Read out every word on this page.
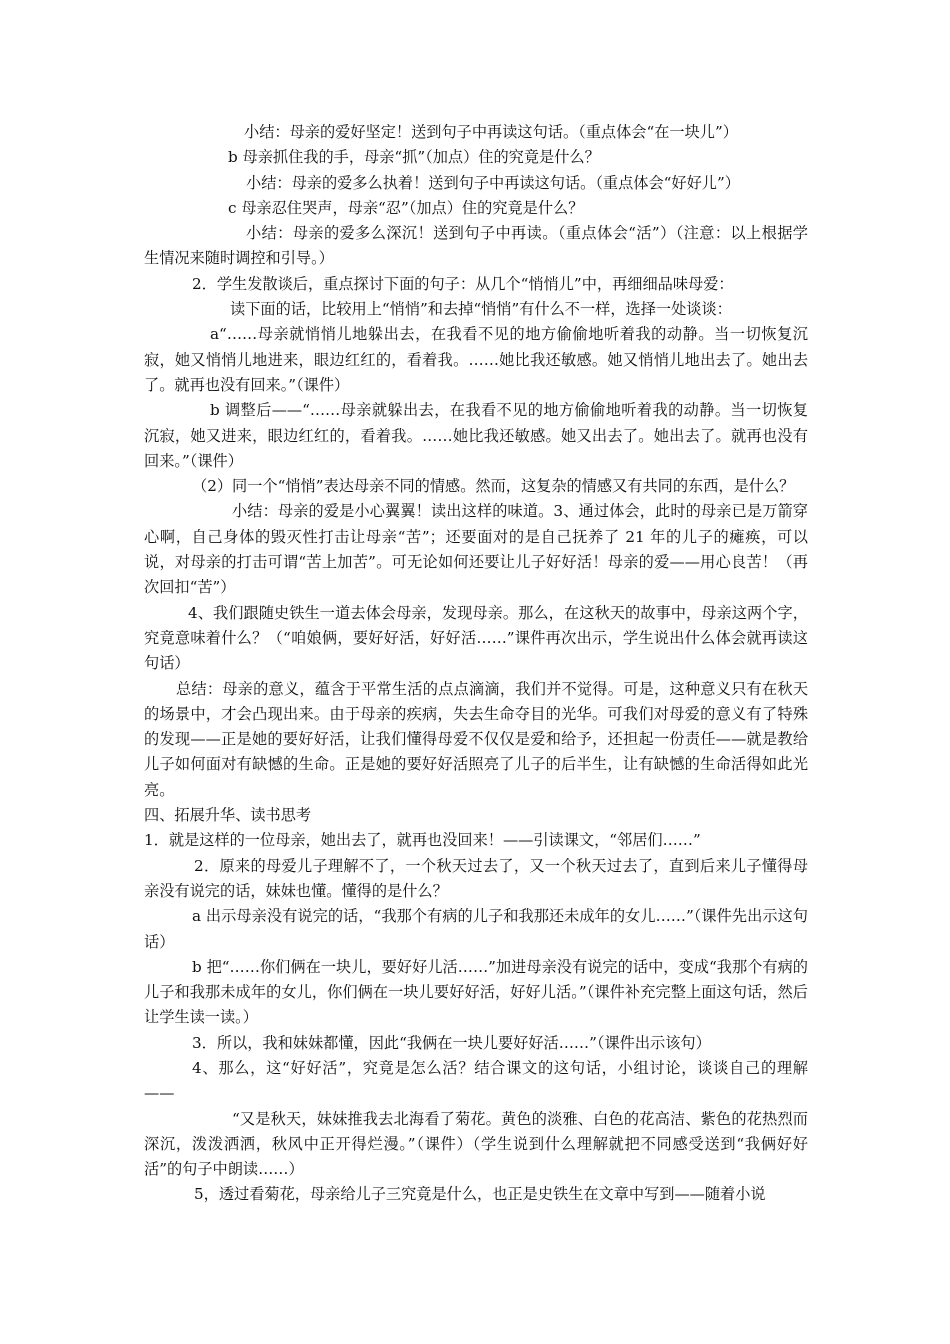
小结：母亲的爱好坚定！送到句子中再读这句话。（重点体会“在一块儿”）

b 母亲抓住我的手，母亲“抓”（加点）住的究竟是什么？

小结：母亲的爱多么执着！送到句子中再读这句话。（重点体会“好好儿”）

c 母亲忍住哭声，母亲“忍”（加点）住的究竟是什么？

小结：母亲的爱多么深沉！送到句子中再读。（重点体会“活”）（注意：以上根据学生情况来随时调控和引导。）

2．学生发散谈后，重点探讨下面的句子：从几个“悄悄儿”中，再细细品味母爱：

读下面的话，比较用上“悄悄”和去掉“悄悄”有什么不一样，选择一处谈谈：

a“……母亲就悄悄儿地躲出去，在我看不见的地方偷偷地听着我的动静。当一切恢复沉寂，她又悄悄儿地进来，眼边红红的，看着我。……她比我还敏感。她又悄悄儿地出去了。她出去了。就再也没有回来。”（课件）

b 调整后——“……母亲就躲出去，在我看不见的地方偷偷地听着我的动静。当一切恢复沉寂，她又进来，眼边红红的，看着我。……她比我还敏感。她又出去了。她出去了。就再也没有回来。”（课件）

（2）同一个“悄悄”表达母亲不同的情感。然而，这复杂的情感又有共同的东西，是什么？

小结：母亲的爱是小心翼翼！读出这样的味道。3、通过体会，此时的母亲已是万箭穿心啊，自己身体的毁灭性打击让母亲“苦”；还要面对的是自己抚养了 21 年的儿子的瘫痪，可以说，对母亲的打击可谓“苦上加苦”。可无论如何还要让儿子好好活！母亲的爱——用心良苦！（再次回扣“苦”）

4、我们跟随史铁生一道去体会母亲，发现母亲。那么，在这秋天的故事中，母亲这两个字，究竟意味着什么？（“咱娘俩，要好好活，好好活……”课件再次出示，学生说出什么体会就再读这句话）

总结：母亲的意义，蕴含于平常生活的点点滴滴，我们并不觉得。可是，这种意义只有在秋天的场景中，才会凸现出来。由于母亲的疾病，失去生命夺目的光华。可我们对母爱的意义有了特殊的发现——正是她的要好好活，让我们懂得母爱不仅仅是爱和给予，还担起一份责任——就是教给儿子如何面对有缺憾的生命。正是她的要好好活照亮了儿子的后半生，让有缺憾的生命活得如此光亮。

四、拓展升华、读书思考

1．就是这样的一位母亲，她出去了，就再也没回来！——引读课文，“邻居们……”

2．原来的母爱儿子理解不了，一个秋天过去了，又一个秋天过去了，直到后来儿子懂得母亲没有说完的话，妹妹也懂。懂得的是什么？

a 出示母亲没有说完的话，“我那个有病的儿子和我那还未成年的女儿……”（课件先出示这句话）

b 把“……你们俩在一块儿，要好好儿活……”加进母亲没有说完的话中，变成“我那个有病的儿子和我那未成年的女儿，你们俩在一块儿要好好活，好好儿活。”（课件补充完整上面这句话，然后让学生读一读。）

3．所以，我和妹妹都懂，因此“我俩在一块儿要好好活……”（课件出示该句）

4、那么，这“好好活”，究竟是怎么活？结合课文的这句话，小组讨论，谈谈自己的理解——

“又是秋天，妹妹推我去北海看了菊花。黄色的淡雅、白色的花高洁、紫色的花热烈而深沉，泼泼洒洒，秋风中正开得烂漫。”（课件）（学生说到什么理解就把不同感受送到“我俩好好活”的句子中朗读……）

5，透过看菊花，母亲给儿子三究竟是什么，也正是史铁生在文章中写到——随着小说
